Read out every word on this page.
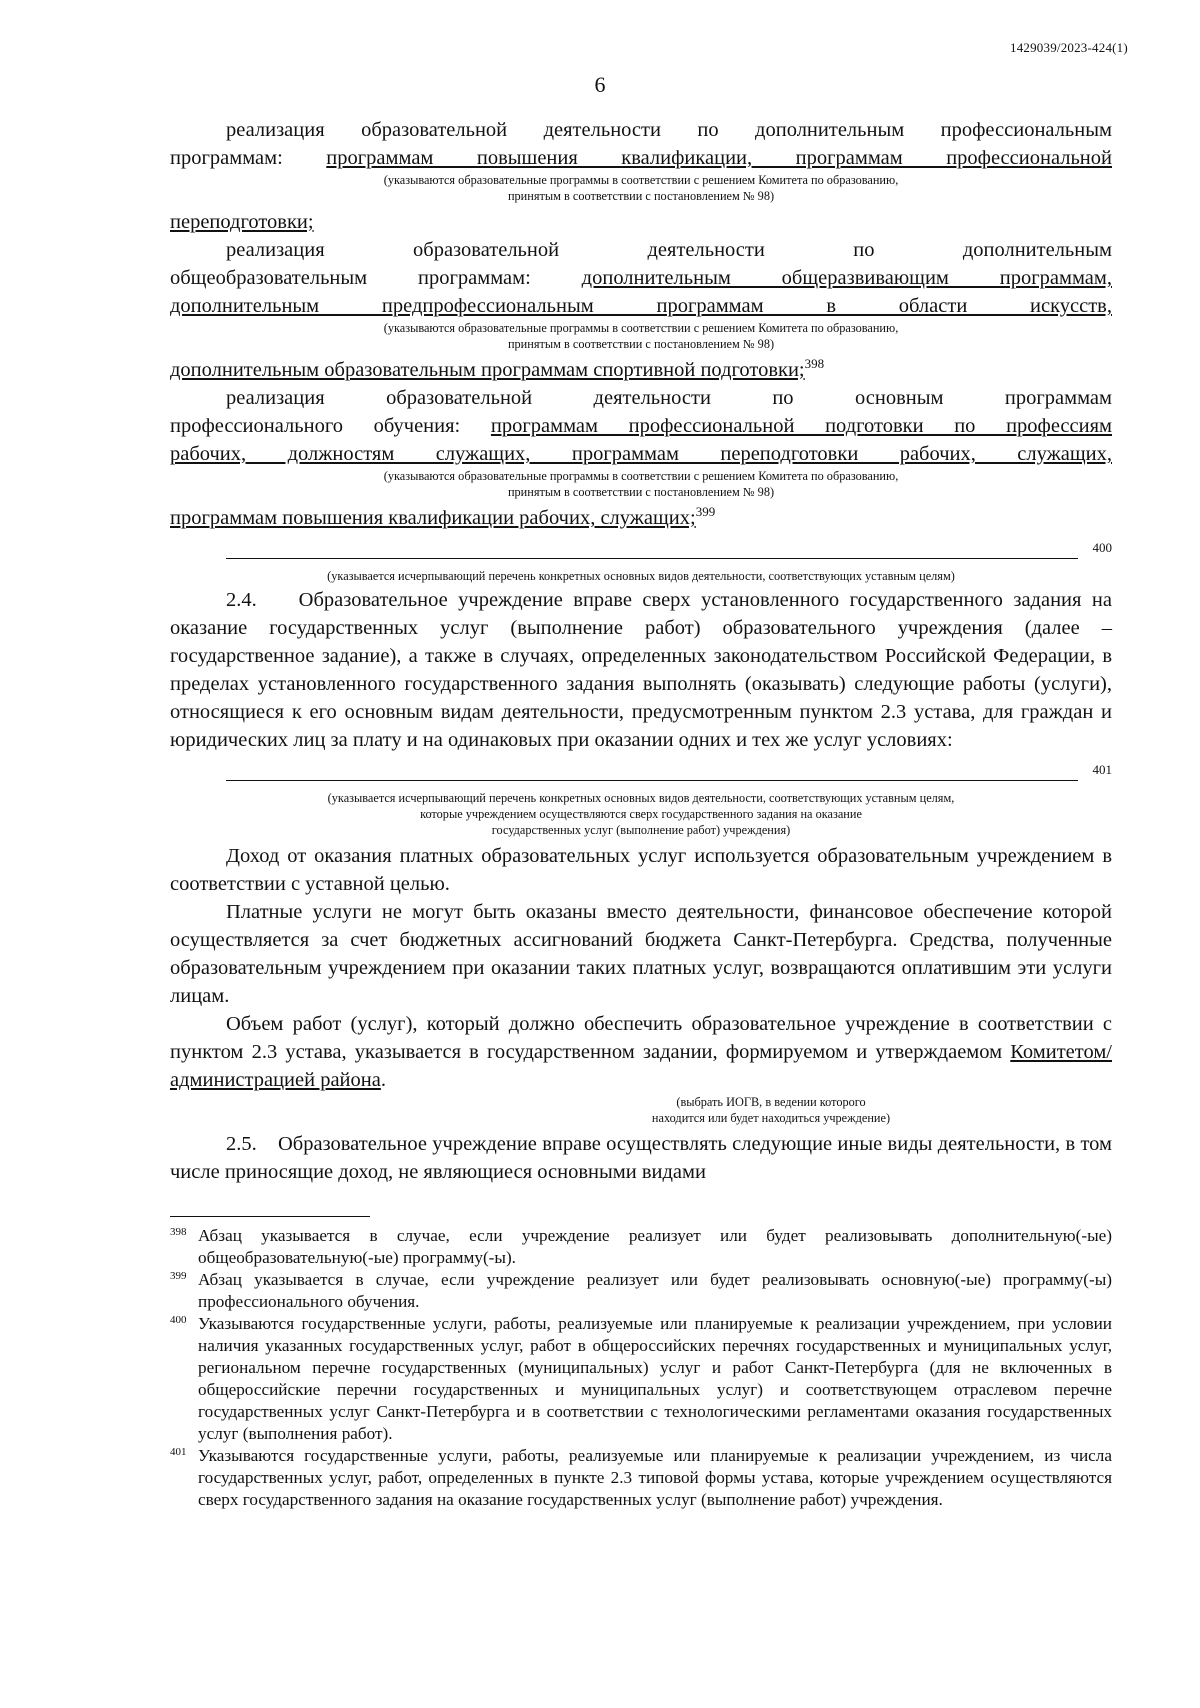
1429039/2023-424(1)
6

реализация образовательной деятельности по дополнительным профессиональным

программам: программам повышения квалификации, программам профессиональной

(указываются образовательные программы в соответствии с решением Комитета по образованию,

принятым в соответствии с постановлением № 98)

переподготовки;

реализация образовательной деятельности по дополнительным

общеобразовательным программам: дополнительным общеразвивающим программам,

дополнительным предпрофессиональным программам в области искусств,

(указываются образовательные программы в соответствии с решением Комитета по образованию,

принятым в соответствии с постановлением № 98)

дополнительным образовательным программам спортивной подготовки;$^{398}$

реализация образовательной деятельности по основным программам

профессионального обучения: программам профессиональной подготовки по профессиям

рабочих, должностям служащих, программам переподготовки рабочих, служащих,

(указываются образовательные программы в соответствии с решением Комитета по образованию,

принятым в соответствии с постановлением № 98)

программам повышения квалификации рабочих, служащих;$^{399}$

400

(указывается исчерпывающий перечень конкретных основных видов деятельности, соответствующих уставным целям)

2.4.    Образовательное учреждение вправе сверх установленного государственного задания на оказание государственных услуг (выполнение работ) образовательного учреждения (далее – государственное задание), а также в случаях, определенных законодательством Российской Федерации, в пределах установленного государственного задания выполнять (оказывать) следующие работы (услуги), относящиеся к его основным видам деятельности, предусмотренным пунктом 2.3 устава, для граждан и юридических лиц за плату и на одинаковых при оказании одних и тех же услуг условиях:

401

(указывается исчерпывающий перечень конкретных основных видов деятельности, соответствующих уставным целям,

которые учреждением осуществляются сверх государственного задания на оказание

государственных услуг (выполнение работ) учреждения)

Доход от оказания платных образовательных услуг используется образовательным учреждением в соответствии с уставной целью.

Платные услуги не могут быть оказаны вместо деятельности, финансовое обеспечение которой осуществляется за счет бюджетных ассигнований бюджета Санкт-Петербурга. Средства, полученные образовательным учреждением при оказании таких платных услуг, возвращаются оплатившим эти услуги лицам.

Объем работ (услуг), который должно обеспечить образовательное учреждение в соответствии с пунктом 2.3 устава, указывается в государственном задании, формируемом и утверждаемом Комитетом/администрацией района.

(выбрать ИОГВ, в ведении которого

находится или будет находиться учреждение)

2.5.    Образовательное учреждение вправе осуществлять следующие иные виды деятельности, в том числе приносящие доход, не являющиеся основными видами

398 Абзац указывается в случае, если учреждение реализует или будет реализовывать дополнительную(-ые) общеобразовательную(-ые) программу(-ы).

399 Абзац указывается в случае, если учреждение реализует или будет реализовывать основную(-ые) программу(-ы) профессионального обучения.

400 Указываются государственные услуги, работы, реализуемые или планируемые к реализации учреждением, при условии наличия указанных государственных услуг, работ в общероссийских перечнях государственных и муниципальных услуг, региональном перечне государственных (муниципальных) услуг и работ Санкт-Петербурга (для не включенных в общероссийские перечни государственных и муниципальных услуг) и соответствующем отраслевом перечне государственных услуг Санкт-Петербурга и в соответствии с технологическими регламентами оказания государственных услуг (выполнения работ).

401 Указываются государственные услуги, работы, реализуемые или планируемые к реализации учреждением, из числа государственных услуг, работ, определенных в пункте 2.3 типовой формы устава, которые учреждением осуществляются сверх государственного задания на оказание государственных услуг (выполнение работ) учреждения.
